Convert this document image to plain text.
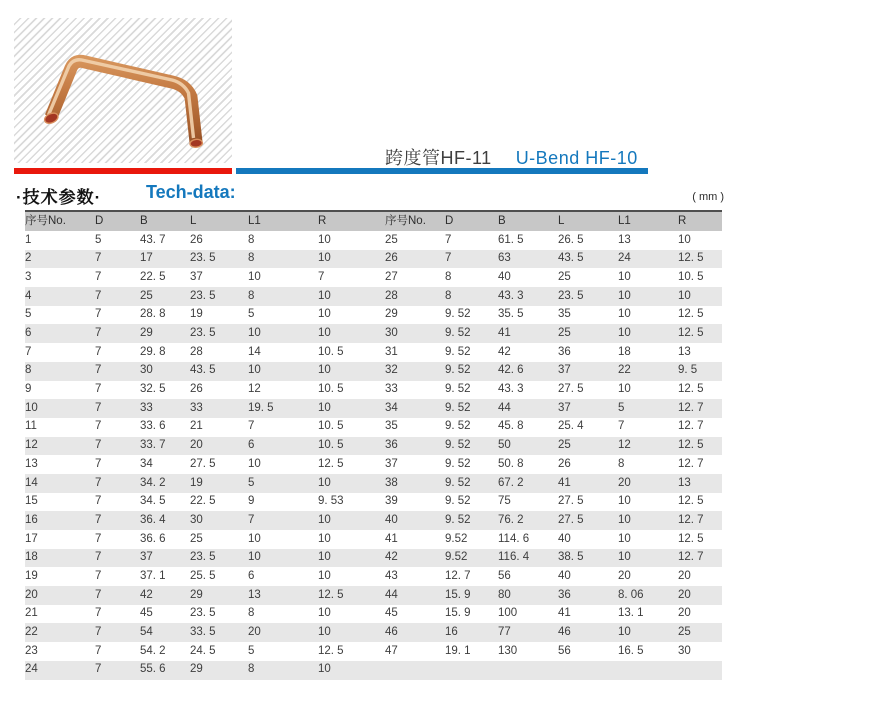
跨度管HF-11 U-Bend HF-10
·技术参数· Tech-data:	( mm )
序号No.	D	B	L	L1	R	序号No.	D	B	L	L1	R
1	5	43. 7	26	8	10	25	7	61. 5	26. 5	13	10
2	7	17	23. 5	8	10	26	7	63	43. 5	24	12. 5
3	7	22. 5	37	10	7	27	8	40	25	10	10. 5
4	7	25	23. 5	8	10	28	8	43. 3	23. 5	10	10
5	7	28. 8	19	5	10	29	9. 52	35. 5	35	10	12. 5
6	7	29	23. 5	10	10	30	9. 52	41	25	10	12. 5
7	7	29. 8	28	14	10. 5	31	9. 52	42	36	18	13
8	7	30	43. 5	10	10	32	9. 52	42. 6	37	22	9. 5
9	7	32. 5	26	12	10. 5	33	9. 52	43. 3	27. 5	10	12. 5
10	7	33	33	19. 5	10	34	9. 52	44	37	5	12. 7
11	7	33. 6	21	7	10. 5	35	9. 52	45. 8	25. 4	7	12. 7
12	7	33. 7	20	6	10. 5	36	9. 52	50	25	12	12. 5
13	7	34	27. 5	10	12. 5	37	9. 52	50. 8	26	8	12. 7
14	7	34. 2	19	5	10	38	9. 52	67. 2	41	20	13
15	7	34. 5	22. 5	9	9. 53	39	9. 52	75	27. 5	10	12. 5
16	7	36. 4	30	7	10	40	9. 52	76. 2	27. 5	10	12. 7
17	7	36. 6	25	10	10	41	9.52	114. 6	40	10	12. 5
18	7	37	23. 5	10	10	42	9.52	116. 4	38. 5	10	12. 7
19	7	37. 1	25. 5	6	10	43	12. 7	56	40	20	20
20	7	42	29	13	12. 5	44	15. 9	80	36	8. 06	20
21	7	45	23. 5	8	10	45	15. 9	100	41	13. 1	20
22	7	54	33. 5	20	10	46	16	77	46	10	25
23	7	54. 2	24. 5	5	12. 5	47	19. 1	130	56	16. 5	30
24	7	55. 6	29	8	10						
